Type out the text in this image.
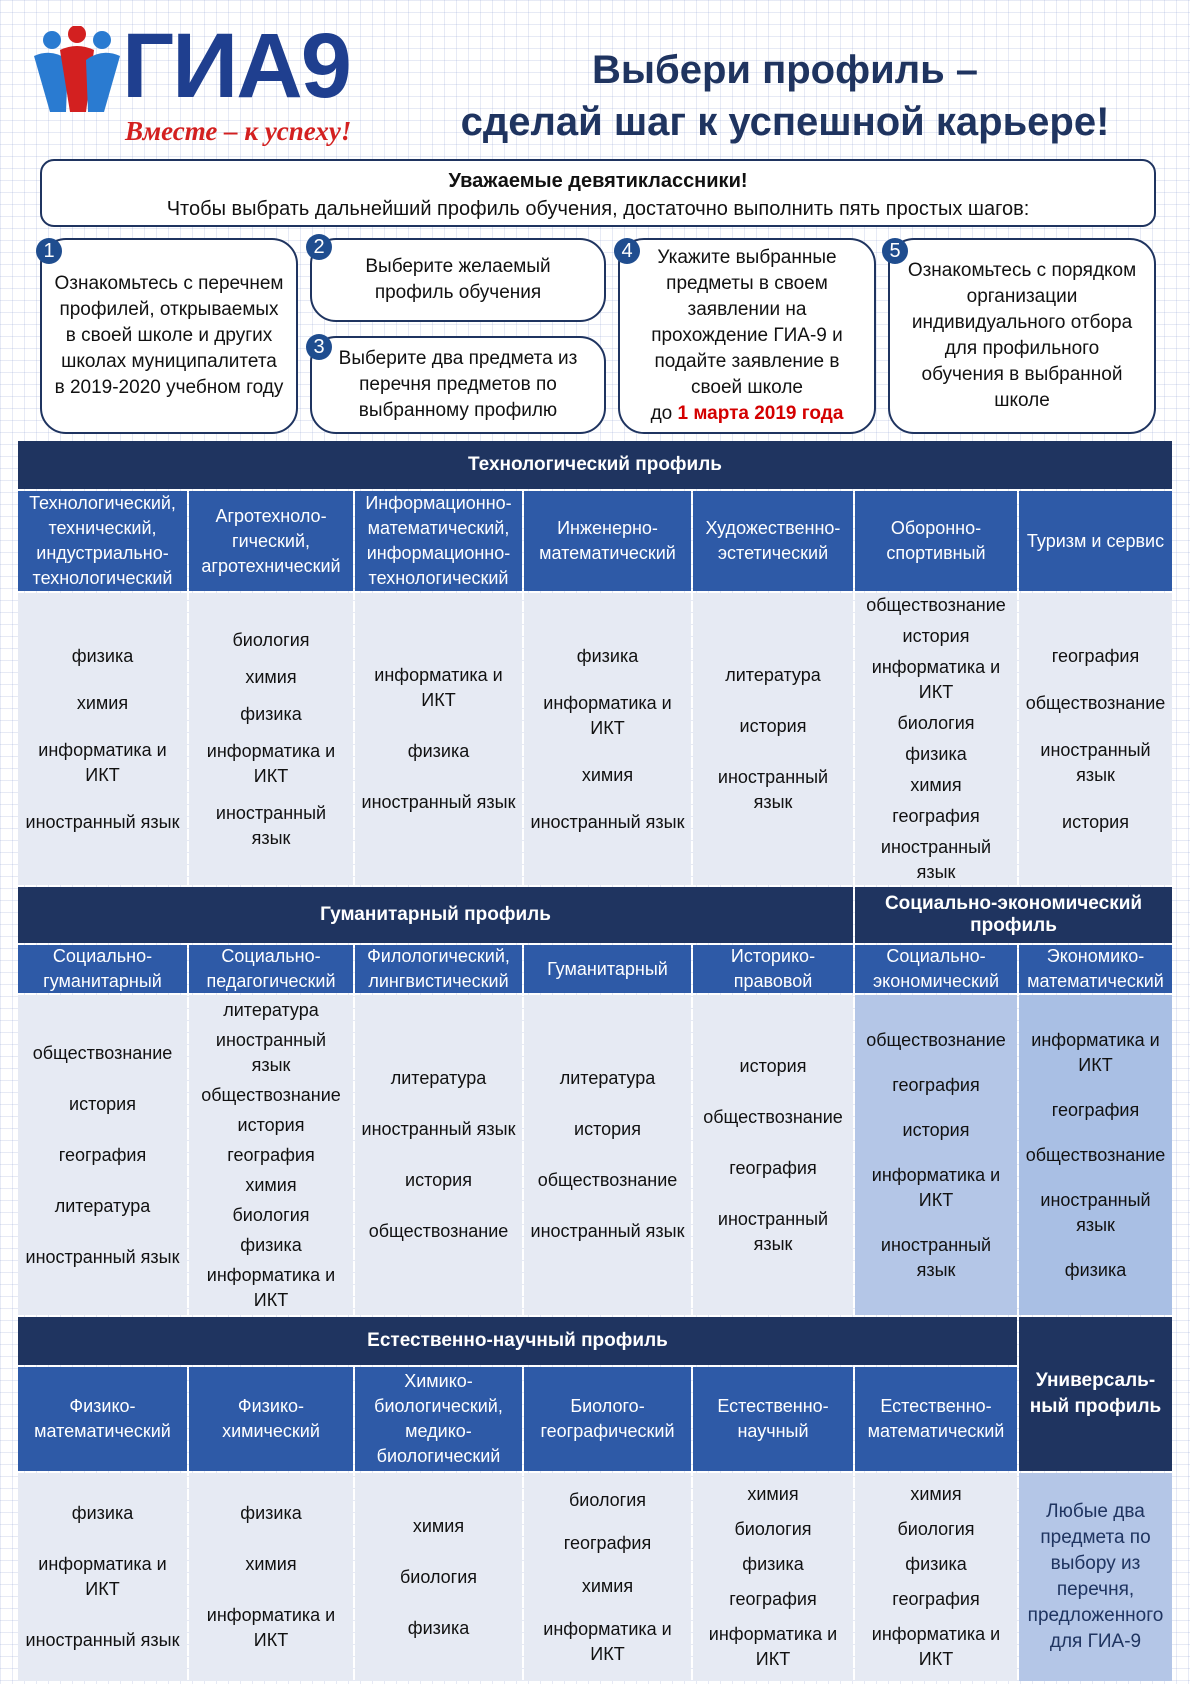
ГИА9
Вместе – к успеху!
Выбери профиль –
сделай шаг к успешной карьере!
Уважаемые девятиклассники!
Чтобы выбрать дальнейший профиль обучения, достаточно выполнить пять простых шагов:
Ознакомьтесь с перечнем профилей, открываемых в своей школе и других школах муниципалитета в 2019-2020 учебном году
1
Выберите желаемый профиль обучения
2
Выберите два предмета из перечня предметов по выбранному профилю
3
Укажите выбранные предметы в своем заявлении на прохождение ГИА-9 и подайте заявление в своей школе
до 1 марта 2019 года
4
Ознакомьтесь с порядком организации индивидуального отбора для профильного обучения в выбранной школе
5
Технологический профиль
Технологический, технический, индустриально-технологический
физика
химия
информатика и ИКТ
иностранный язык
Агротехноло-гический, агротехнический
биология
химия
физика
информатика и ИКТ
иностранный язык
Информационно-математический, информационно-технологический
информатика и ИКТ
физика
иностранный язык
Инженерно-математический
физика
информатика и ИКТ
химия
иностранный язык
Художественно-эстетический
литература
история
иностранный язык
Оборонно-спортивный
обществознание
история
информатика и ИКТ
биология
физика
химия
география
иностранный язык
Туризм и сервис
география
обществознание
иностранный язык
история
Гуманитарный профиль
Социально-экономический профиль
Социально-гуманитарный
обществознание
история
география
литература
иностранный язык
Социально-педагогический
литература
иностранный язык
обществознание
история
география
химия
биология
физика
информатика и ИКТ
Филологический, лингвистический
литература
иностранный язык
история
обществознание
Гуманитарный
литература
история
обществознание
иностранный язык
Историко-правовой
история
обществознание
география
иностранный язык
Социально-экономический
обществознание
география
история
информатика и ИКТ
иностранный язык
Экономико-математический
информатика и ИКТ
география
обществознание
иностранный язык
физика
Естественно-научный профиль
Физико-математический
физика
информатика и ИКТ
иностранный язык
Физико-химический
физика
химия
информатика и ИКТ
Химико-биологический, медико-биологический
химия
биология
физика
Биолого-географический
биология
география
химия
информатика и ИКТ
Естественно-научный
химия
биология
физика
география
информатика и ИКТ
Естественно-математический
химия
биология
физика
география
информатика и ИКТ
Универсаль-ный профиль
Любые два предмета по выбору из перечня, предложенного для ГИА-9
